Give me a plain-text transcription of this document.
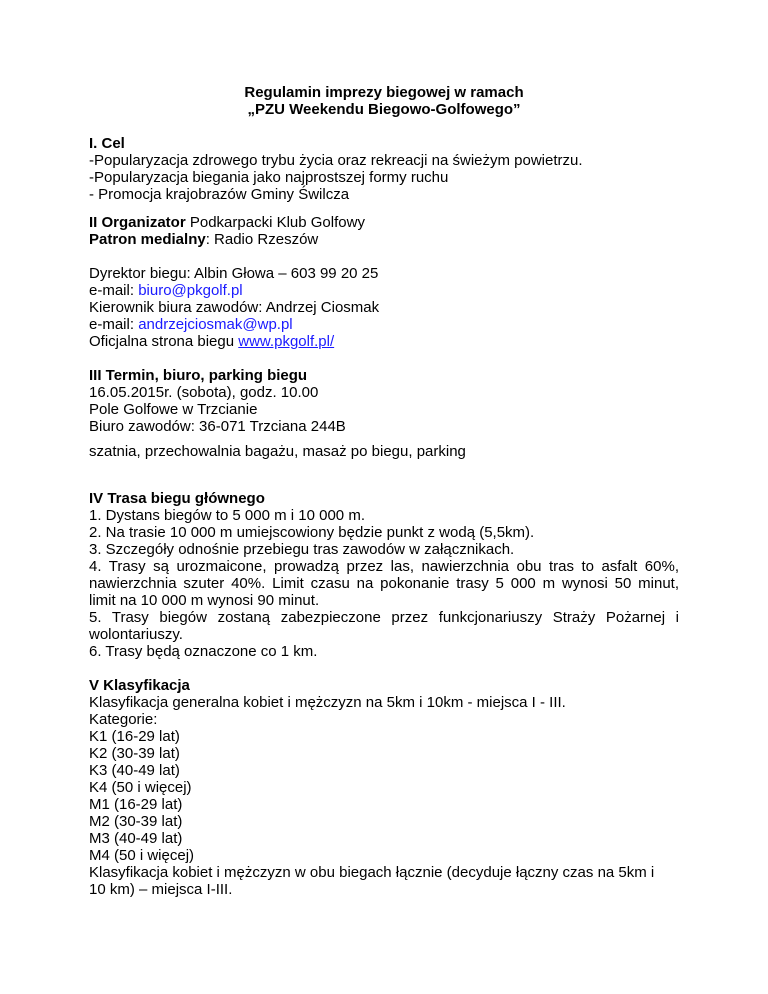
Regulamin imprezy biegowej w ramach
„PZU Weekendu Biegowo-Golfowego”
I. Cel
-Popularyzacja zdrowego trybu życia oraz rekreacji na świeżym powietrzu.
-Popularyzacja biegania jako najprostszej formy ruchu
- Promocja krajobrazów Gminy Świlcza
II Organizator Podkarpacki Klub Golfowy
Patron medialny: Radio Rzeszów
Dyrektor biegu: Albin Głowa – 603 99 20 25
e-mail: biuro@pkgolf.pl
Kierownik biura zawodów: Andrzej Ciosmak
e-mail: andrzejciosmak@wp.pl
Oficjalna strona biegu www.pkgolf.pl/
III Termin, biuro, parking biegu
16.05.2015r. (sobota), godz. 10.00
Pole Golfowe w Trzcianie
Biuro zawodów: 36-071 Trzciana 244B
szatnia, przechowalnia bagażu, masaż po biegu, parking
IV Trasa biegu głównego
1. Dystans biegów to 5 000 m i 10 000 m.
2. Na trasie 10 000 m umiejscowiony będzie punkt z wodą (5,5km).
3. Szczegóły odnośnie przebiegu tras zawodów w załącznikach.
4. Trasy są urozmaicone, prowadzą przez las, nawierzchnia obu tras to asfalt 60%,
nawierzchnia szuter 40%. Limit czasu na pokonanie trasy 5 000 m wynosi 50 minut,
limit na 10 000 m wynosi 90 minut.
5. Trasy biegów zostaną zabezpieczone przez funkcjonariuszy Straży Pożarnej i
wolontariuszy.
6. Trasy będą oznaczone co 1 km.
V Klasyfikacja
Klasyfikacja generalna kobiet i mężczyzn na 5km i 10km - miejsca I - III.
Kategorie:
K1 (16-29 lat)
K2 (30-39 lat)
K3 (40-49 lat)
K4 (50 i więcej)
M1 (16-29 lat)
M2 (30-39 lat)
M3 (40-49 lat)
M4 (50 i więcej)
Klasyfikacja kobiet i mężczyzn w obu biegach łącznie (decyduje łączny czas na 5km i
10 km) – miejsca I-III.
